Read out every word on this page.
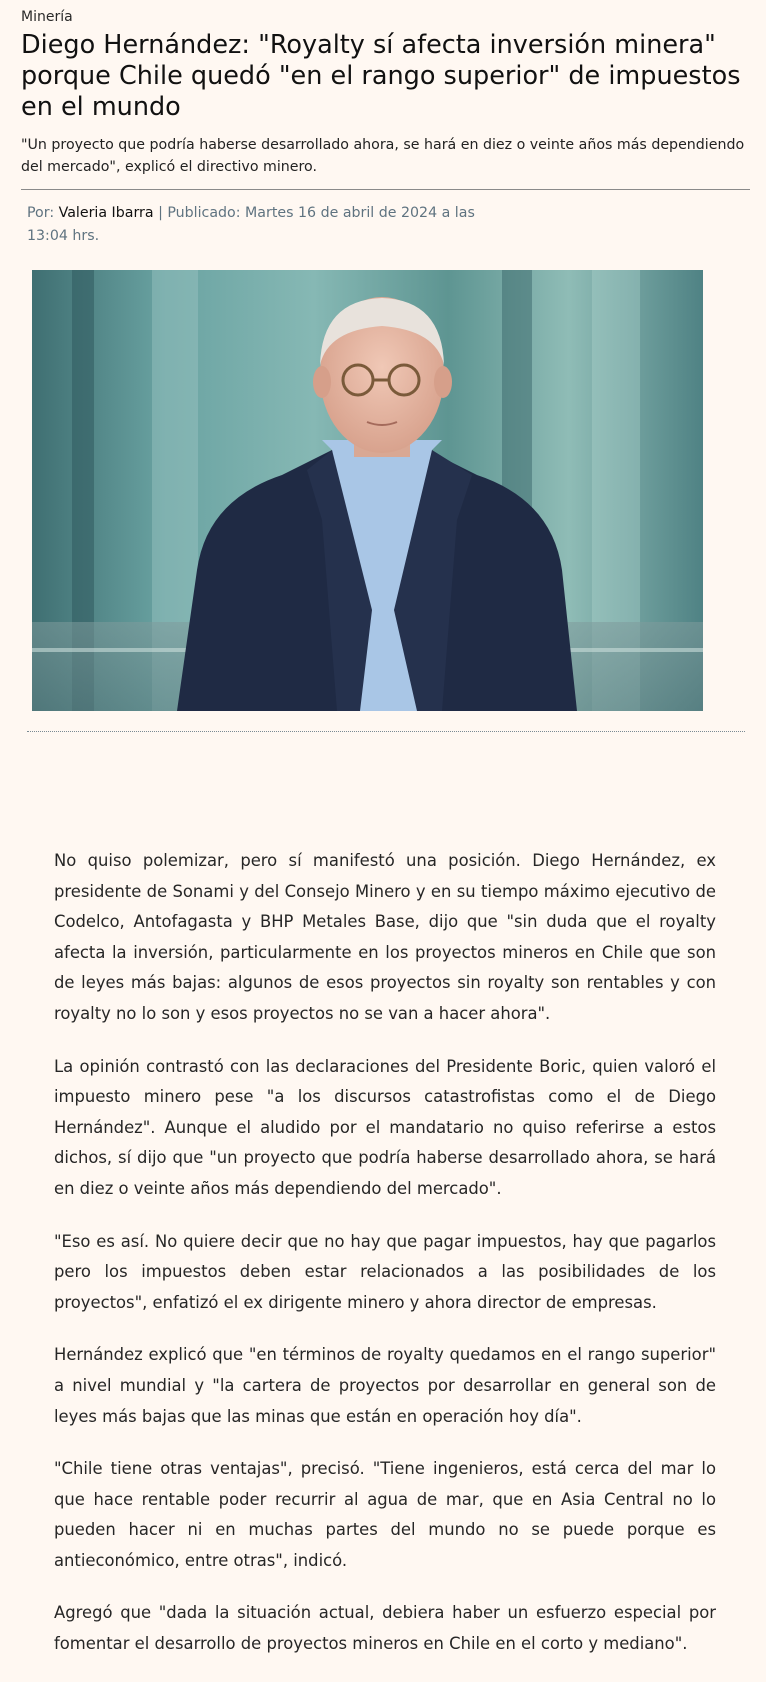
Minería
Diego Hernández: "Royalty sí afecta inversión minera" porque Chile quedó "en el rango superior" de impuestos en el mundo

"Un proyecto que podría haberse desarrollado ahora, se hará en diez o veinte años más dependiendo del mercado", explicó el directivo minero.

Por: Valeria Ibarra | Publicado: Martes 16 de abril de 2024 a las 13:04 hrs.

No quiso polemizar, pero sí manifestó una posición. Diego Hernández, ex presidente de Sonami y del Consejo Minero y en su tiempo máximo ejecutivo de Codelco, Antofagasta y BHP Metales Base, dijo que "sin duda que el royalty afecta la inversión, particularmente en los proyectos mineros en Chile que son de leyes más bajas: algunos de esos proyectos sin royalty son rentables y con royalty no lo son y esos proyectos no se van a hacer ahora".

La opinión contrastó con las declaraciones del Presidente Boric, quien valoró el impuesto minero pese "a los discursos catastrofistas como el de Diego Hernández". Aunque el aludido por el mandatario no quiso referirse a estos dichos, sí dijo que "un proyecto que podría haberse desarrollado ahora, se hará en diez o veinte años más dependiendo del mercado".

"Eso es así. No quiere decir que no hay que pagar impuestos, hay que pagarlos pero los impuestos deben estar relacionados a las posibilidades de los proyectos", enfatizó el ex dirigente minero y ahora director de empresas.

Hernández explicó que "en términos de royalty quedamos en el rango superior" a nivel mundial y "la cartera de proyectos por desarrollar en general son de leyes más bajas que las minas que están en operación hoy día".

"Chile tiene otras ventajas", precisó. "Tiene ingenieros, está cerca del mar lo que hace rentable poder recurrir al agua de mar, que en Asia Central no lo pueden hacer ni en muchas partes del mundo no se puede porque es antieconómico, entre otras", indicó.

Agregó que "dada la situación actual, debiera haber un esfuerzo especial por fomentar el desarrollo de proyectos mineros en Chile en el corto y mediano".
